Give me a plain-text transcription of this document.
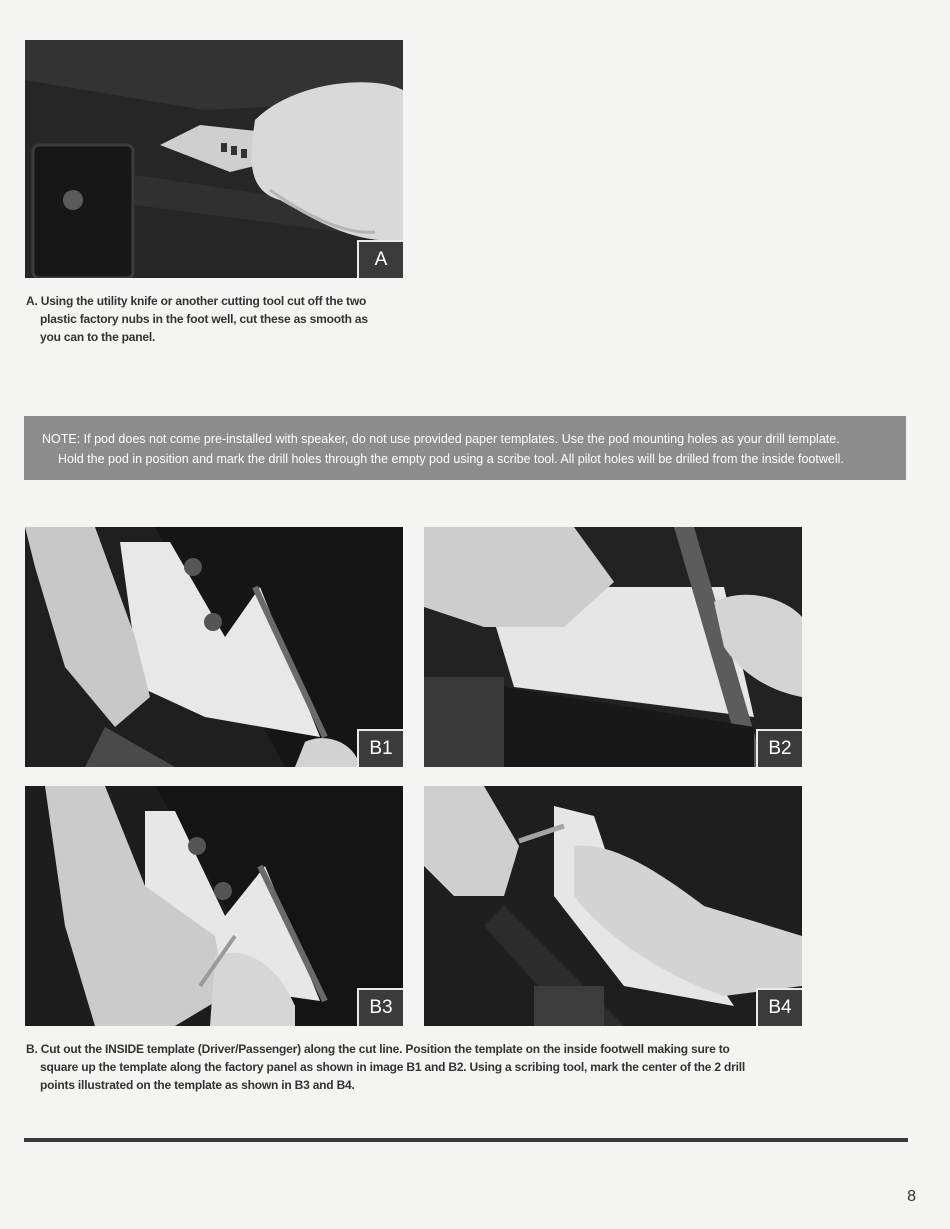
A
A. Using the utility knife or another cutting tool cut off the two
plastic factory nubs in the foot well, cut these as smooth as
you can to the panel.
NOTE: If pod does not come pre-installed with speaker, do not use provided paper templates. Use the pod mounting holes as your drill template.
Hold the pod in position and mark the drill holes through the empty pod using a scribe tool. All pilot holes will be drilled from the inside footwell.
B1	B2
B3	B4
B. Cut out the INSIDE template (Driver/Passenger) along the cut line. Position the template on the inside footwell making sure to
square up the template along the factory panel as shown in image B1 and B2. Using a scribing tool, mark the center of the 2 drill
points illustrated on the template as shown in B3 and B4.
8
